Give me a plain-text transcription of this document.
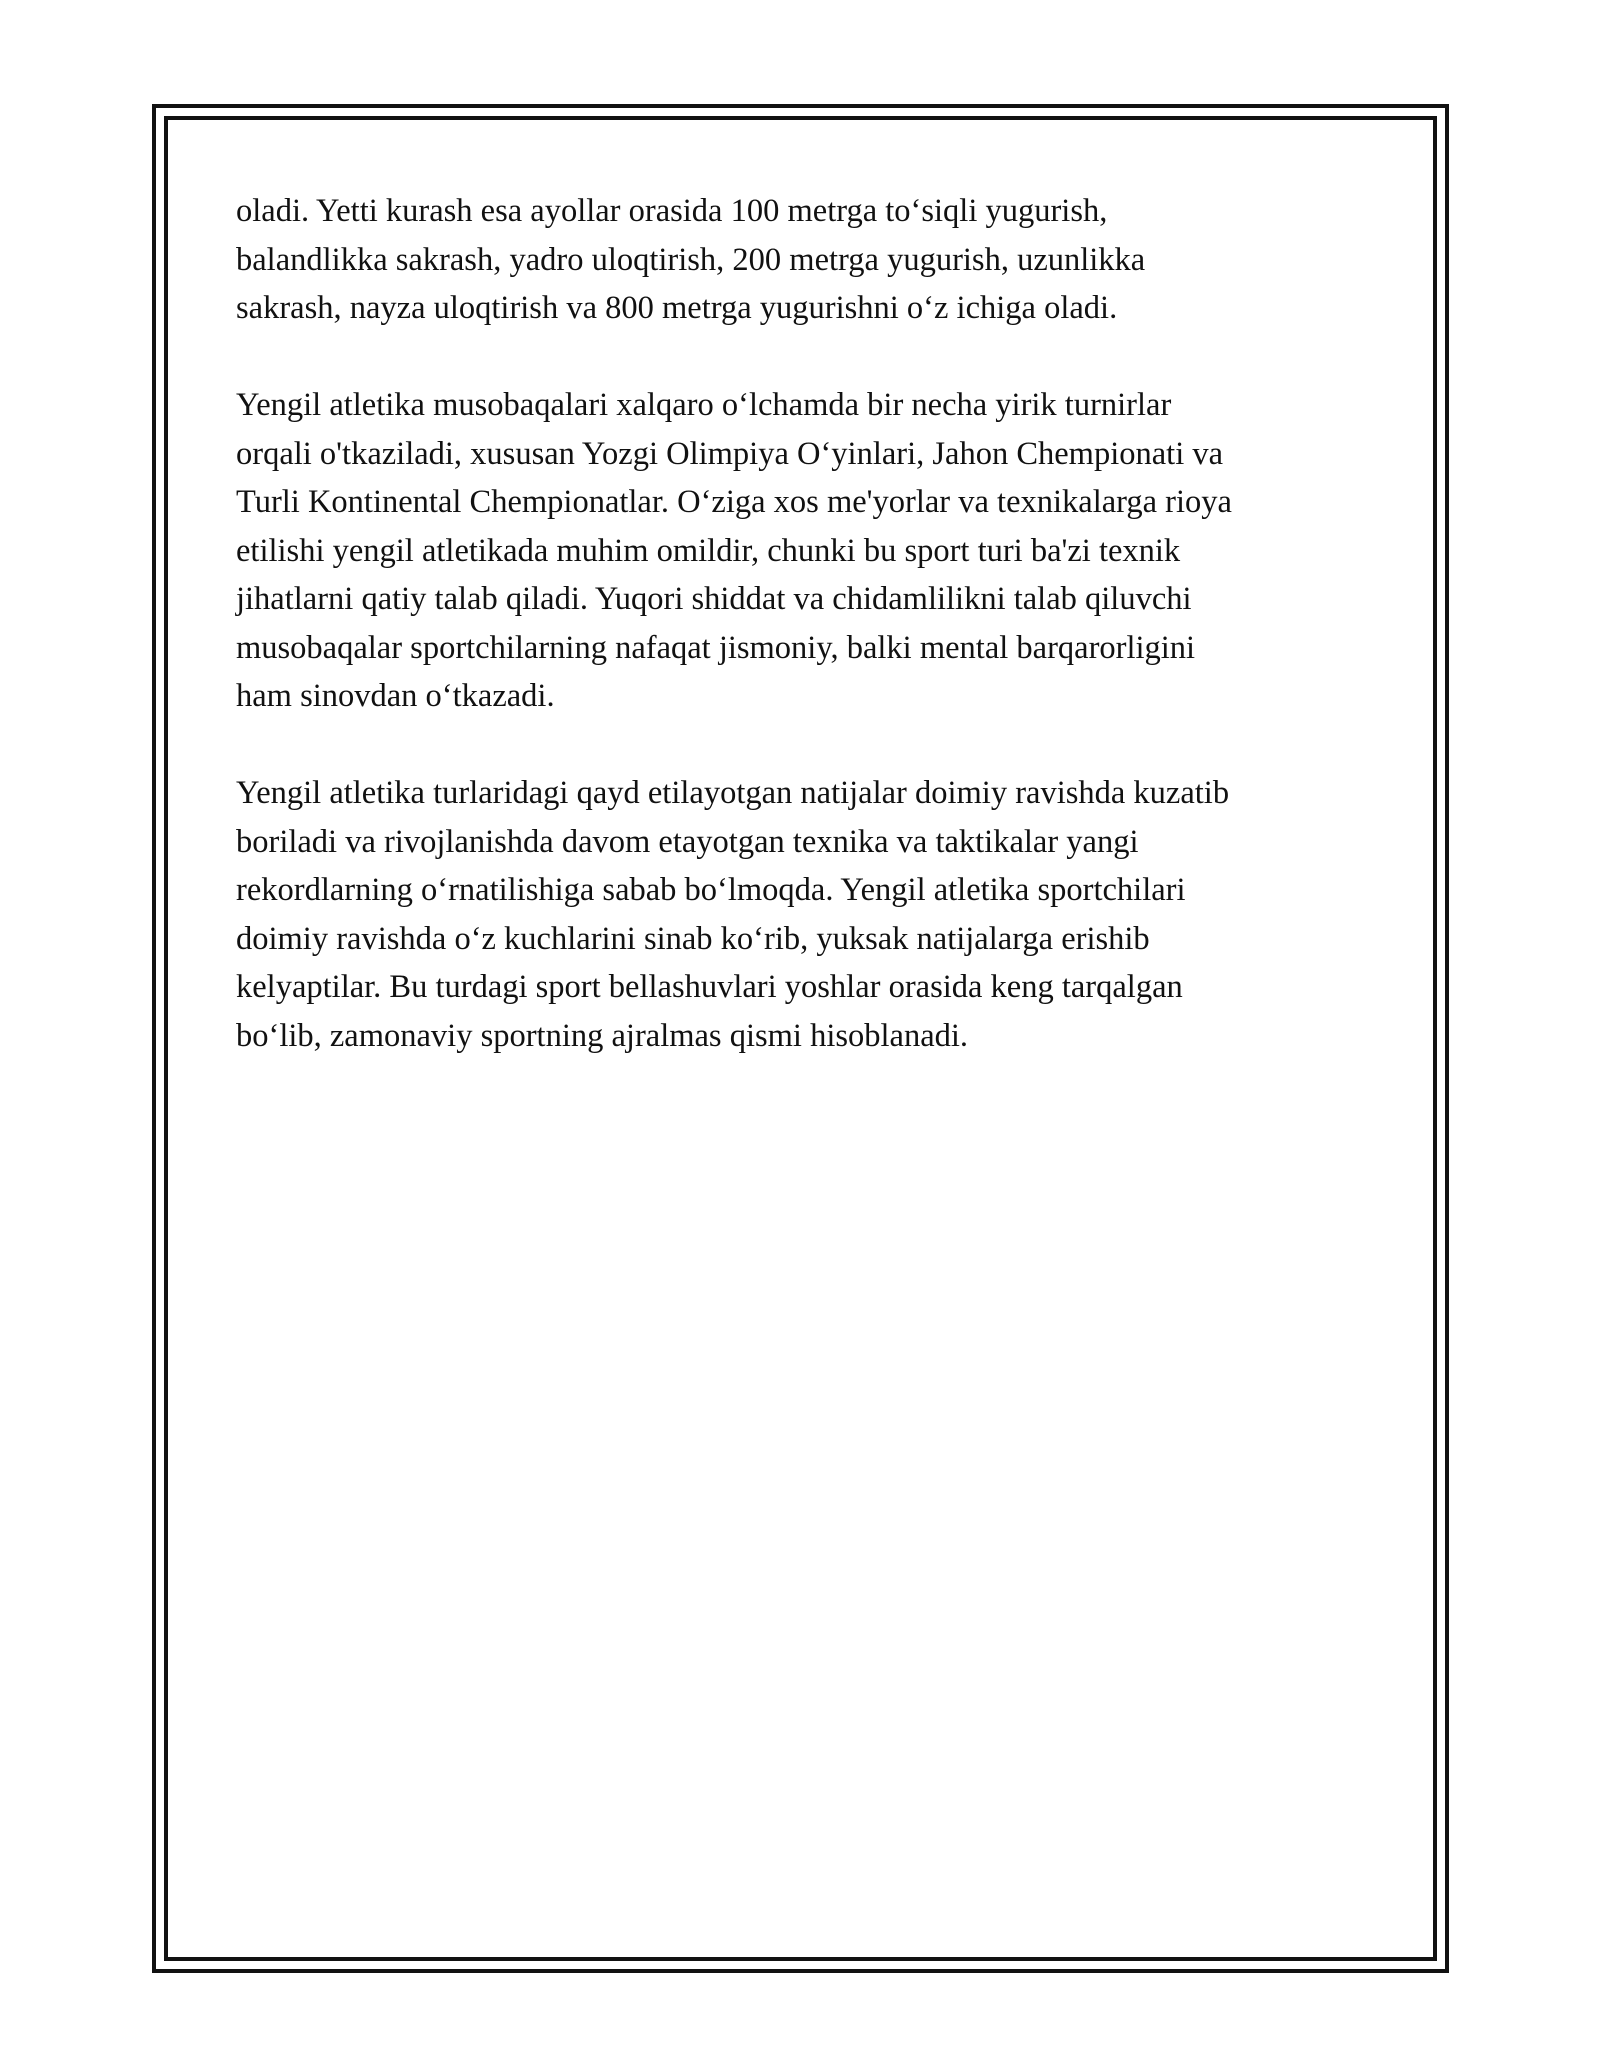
oladi. Yetti kurash esa ayollar orasida 100 metrga to‘siqli yugurish,
balandlikka sakrash, yadro uloqtirish, 200 metrga yugurish, uzunlikka
sakrash, nayza uloqtirish va 800 metrga yugurishni o‘z ichiga oladi.

Yengil atletika musobaqalari xalqaro o‘lchamda bir necha yirik turnirlar
orqali o'tkaziladi, xususan Yozgi Olimpiya O‘yinlari, Jahon Chempionati va
Turli Kontinental Chempionatlar. O‘ziga xos me'yorlar va texnikalarga rioya
etilishi yengil atletikada muhim omildir, chunki bu sport turi ba'zi texnik
jihatlarni qatiy talab qiladi. Yuqori shiddat va chidamlilikni talab qiluvchi
musobaqalar sportchilarning nafaqat jismoniy, balki mental barqarorligini
ham sinovdan o‘tkazadi.

Yengil atletika turlaridagi qayd etilayotgan natijalar doimiy ravishda kuzatib
boriladi va rivojlanishda davom etayotgan texnika va taktikalar yangi
rekordlarning o‘rnatilishiga sabab bo‘lmoqda. Yengil atletika sportchilari
doimiy ravishda o‘z kuchlarini sinab ko‘rib, yuksak natijalarga erishib
kelyaptilar. Bu turdagi sport bellashuvlari yoshlar orasida keng tarqalgan
bo‘lib, zamonaviy sportning ajralmas qismi hisoblanadi.
